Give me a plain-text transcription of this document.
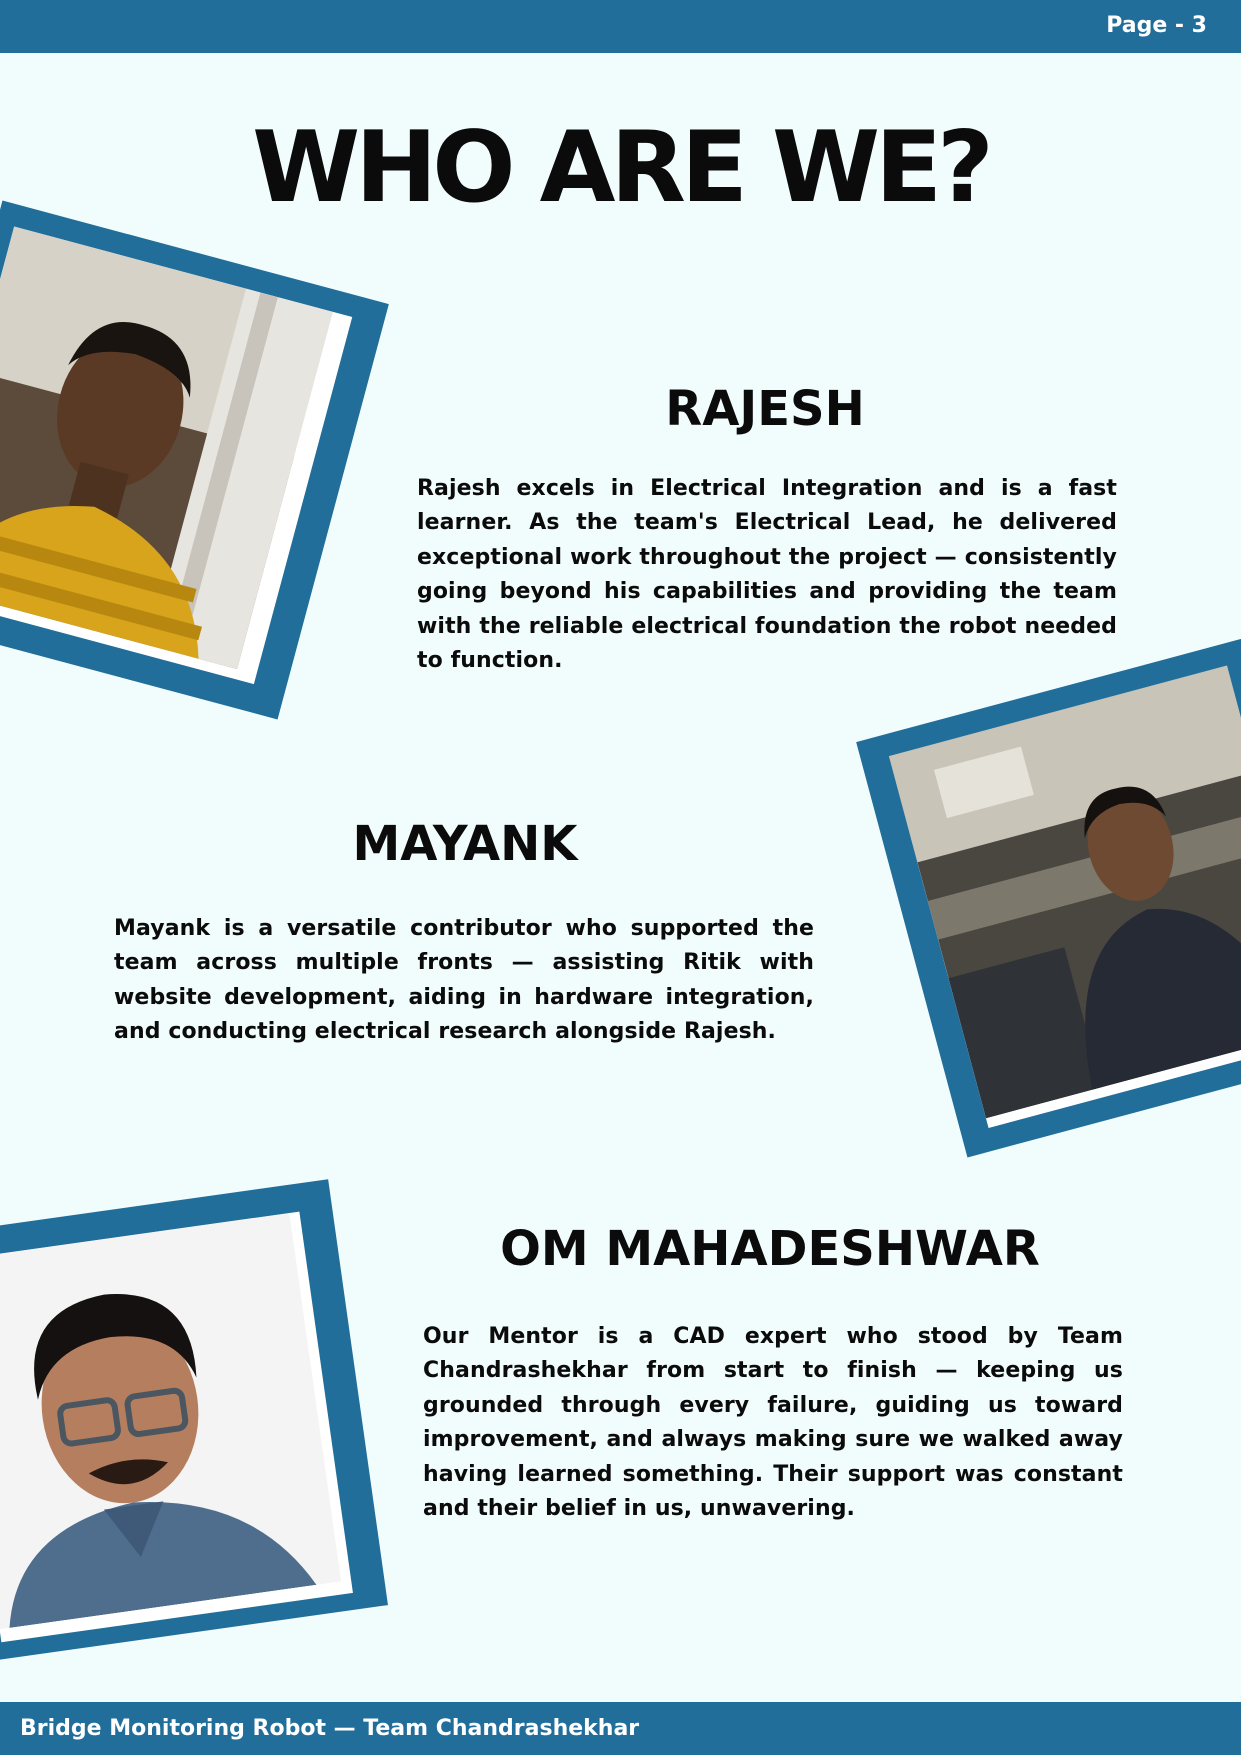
Page - 3
WHO ARE WE?
RAJESH

Rajesh excels in Electrical Integration and is a fast learner. As the team's Electrical Lead, he delivered exceptional work throughout the project — consistently going beyond his capabilities and providing the team with the reliable electrical foundation the robot needed to function.

MAYANK

Mayank is a versatile contributor who supported the team across multiple fronts — assisting Ritik with website development, aiding in hardware integration, and conducting electrical research alongside Rajesh.

OM MAHADESHWAR

Our Mentor is a CAD expert who stood by Team Chandrashekhar from start to finish — keeping us grounded through every failure, guiding us toward improvement, and always making sure we walked away having learned something. Their support was constant and their belief in us, unwavering.

Bridge Monitoring Robot — Team Chandrashekhar
